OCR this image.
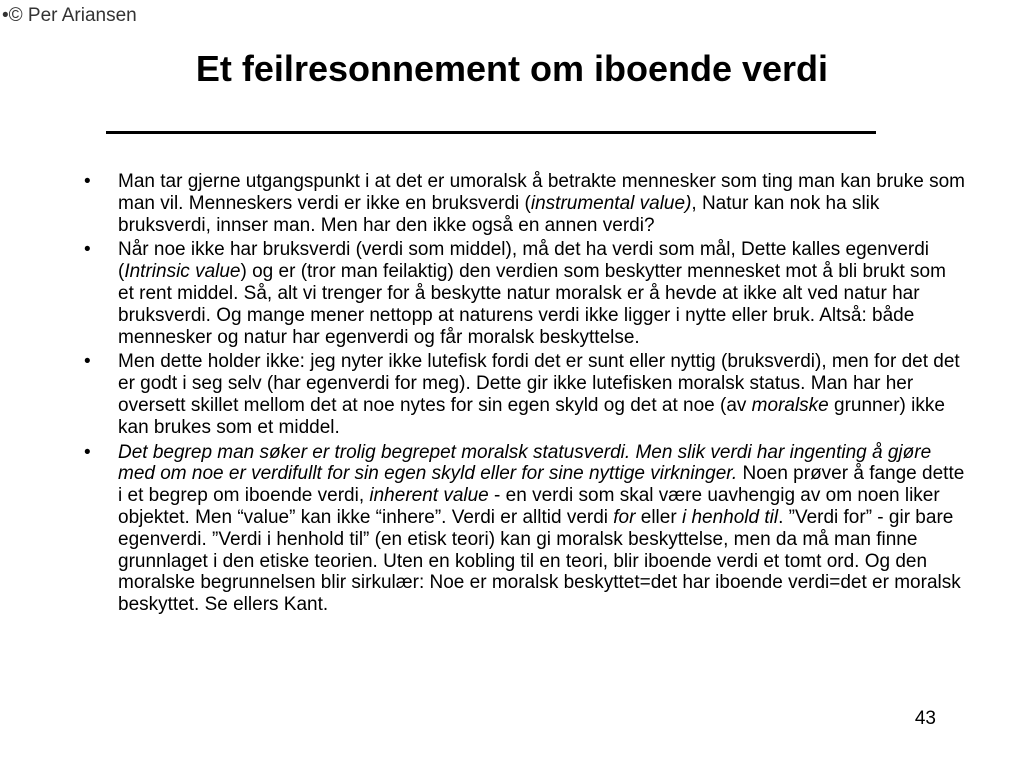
•© Per Ariansen
Et feilresonnement om iboende verdi
• Man tar gjerne utgangspunkt i at det er umoralsk å betrakte mennesker som ting man kan bruke som man vil. Menneskers verdi er ikke en bruksverdi (instrumental value), Natur kan nok ha slik bruksverdi, innser man. Men har den ikke også en annen verdi?
• Når noe ikke har bruksverdi (verdi som middel), må det ha verdi som mål, Dette kalles egenverdi (Intrinsic value) og er (tror man feilaktig) den verdien som beskytter mennesket mot å bli brukt som et rent middel. Så, alt vi trenger for å beskytte natur moralsk er å hevde at ikke alt ved natur har bruksverdi. Og mange mener nettopp at naturens verdi ikke ligger i nytte eller bruk. Altså: både mennesker og natur har egenverdi og får moralsk beskyttelse.
• Men dette holder ikke: jeg nyter ikke lutefisk fordi det er sunt eller nyttig (bruksverdi), men for det det er godt i seg selv (har egenverdi for meg). Dette gir ikke lutefisken moralsk status. Man har her oversett skillet mellom det at noe nytes for sin egen skyld og det at noe (av moralske grunner) ikke kan brukes som et middel.
• Det begrep man søker er trolig begrepet moralsk statusverdi. Men slik verdi har ingenting å gjøre med om noe er verdifullt for sin egen skyld eller for sine nyttige virkninger. Noen prøver å fange dette i et begrep om iboende verdi, inherent value - en verdi som skal være uavhengig av om noen liker objektet. Men “value” kan ikke “inhere”. Verdi er alltid verdi for eller i henhold til. ”Verdi for” - gir bare egenverdi. ”Verdi i henhold til” (en etisk teori) kan gi moralsk beskyttelse, men da må man finne grunnlaget i den etiske teorien. Uten en kobling til en teori, blir iboende verdi et tomt ord. Og den moralske begrunnelsen blir sirkulær: Noe er moralsk beskyttet=det har iboende verdi=det er moralsk beskyttet. Se ellers Kant.
43
